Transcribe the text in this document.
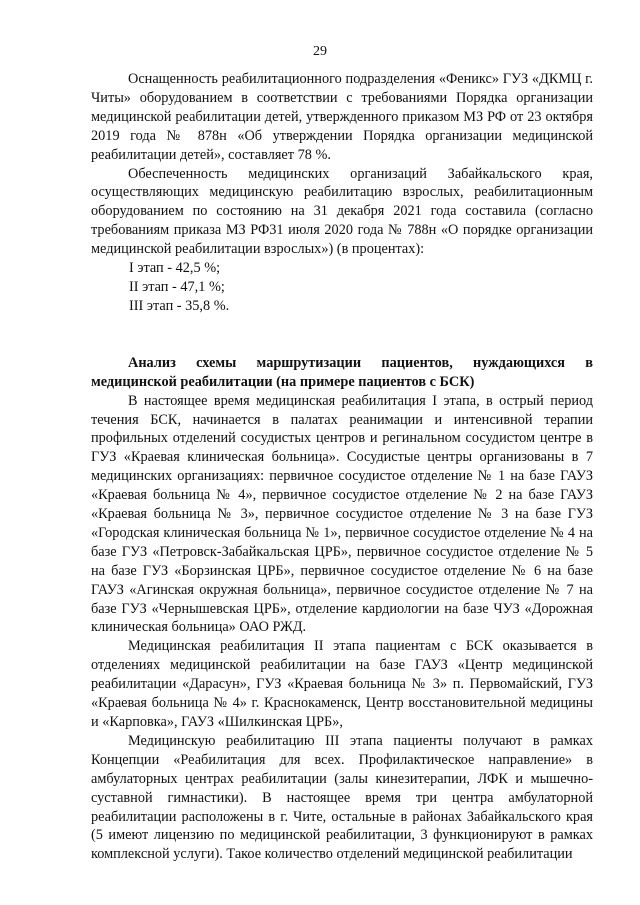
29

Оснащенность реабилитационного подразделения «Феникс» ГУЗ «ДКМЦ г. Читы» оборудованием в соответствии с требованиями Порядка организации медицинской реабилитации детей, утвержденного приказом МЗ РФ от 23 октября 2019 года № 878н «Об утверждении Порядка организации медицинской реабилитации детей», составляет 78 %.

Обеспеченность медицинских организаций Забайкальского края, осуществляющих медицинскую реабилитацию взрослых, реабилитационным оборудованием по состоянию на 31 декабря 2021 года составила (согласно требованиям приказа МЗ РФ31 июля 2020 года № 788н «О порядке организации медицинской реабилитации взрослых») (в процентах):

I этап - 42,5 %;

II этап - 47,1 %;

III этап - 35,8 %.

Анализ схемы маршрутизации пациентов, нуждающихся в медицинской реабилитации (на примере пациентов с БСК)

В настоящее время медицинская реабилитация I этапа, в острый период течения БСК, начинается в палатах реанимации и интенсивной терапии профильных отделений сосудистых центров и регинальном сосудистом центре в ГУЗ «Краевая клиническая больница». Сосудистые центры организованы в 7 медицинских организациях: первичное сосудистое отделение № 1 на базе ГАУЗ «Краевая больница № 4», первичное сосудистое отделение № 2 на базе ГАУЗ «Краевая больница № 3», первичное сосудистое отделение № 3 на базе ГУЗ «Городская клиническая больница № 1», первичное сосудистое отделение № 4 на базе ГУЗ «Петровск-Забайкальская ЦРБ», первичное сосудистое отделение № 5 на базе ГУЗ «Борзинская ЦРБ», первичное сосудистое отделение № 6 на базе ГАУЗ «Агинская окружная больница», первичное сосудистое отделение № 7 на базе ГУЗ «Чернышевская ЦРБ», отделение кардиологии на базе ЧУЗ «Дорожная клиническая больница» ОАО РЖД.

Медицинская реабилитация II этапа пациентам с БСК оказывается в отделениях медицинской реабилитации на базе ГАУЗ «Центр медицинской реабилитации «Дарасун», ГУЗ «Краевая больница № 3» п. Первомайский, ГУЗ «Краевая больница № 4» г. Краснокаменск, Центр восстановительной медицины и «Карповка», ГАУЗ «Шилкинская ЦРБ»,

Медицинскую реабилитацию III этапа пациенты получают в рамках Концепции «Реабилитация для всех. Профилактическое направление» в амбулаторных центрах реабилитации (залы кинезитерапии, ЛФК и мышечно-суставной гимнастики). В настоящее время три центра амбулаторной реабилитации расположены в г. Чите, остальные в районах Забайкальского края (5 имеют лицензию по медицинской реабилитации, 3 функционируют в рамках комплексной услуги). Такое количество отделений медицинской реабилитации
